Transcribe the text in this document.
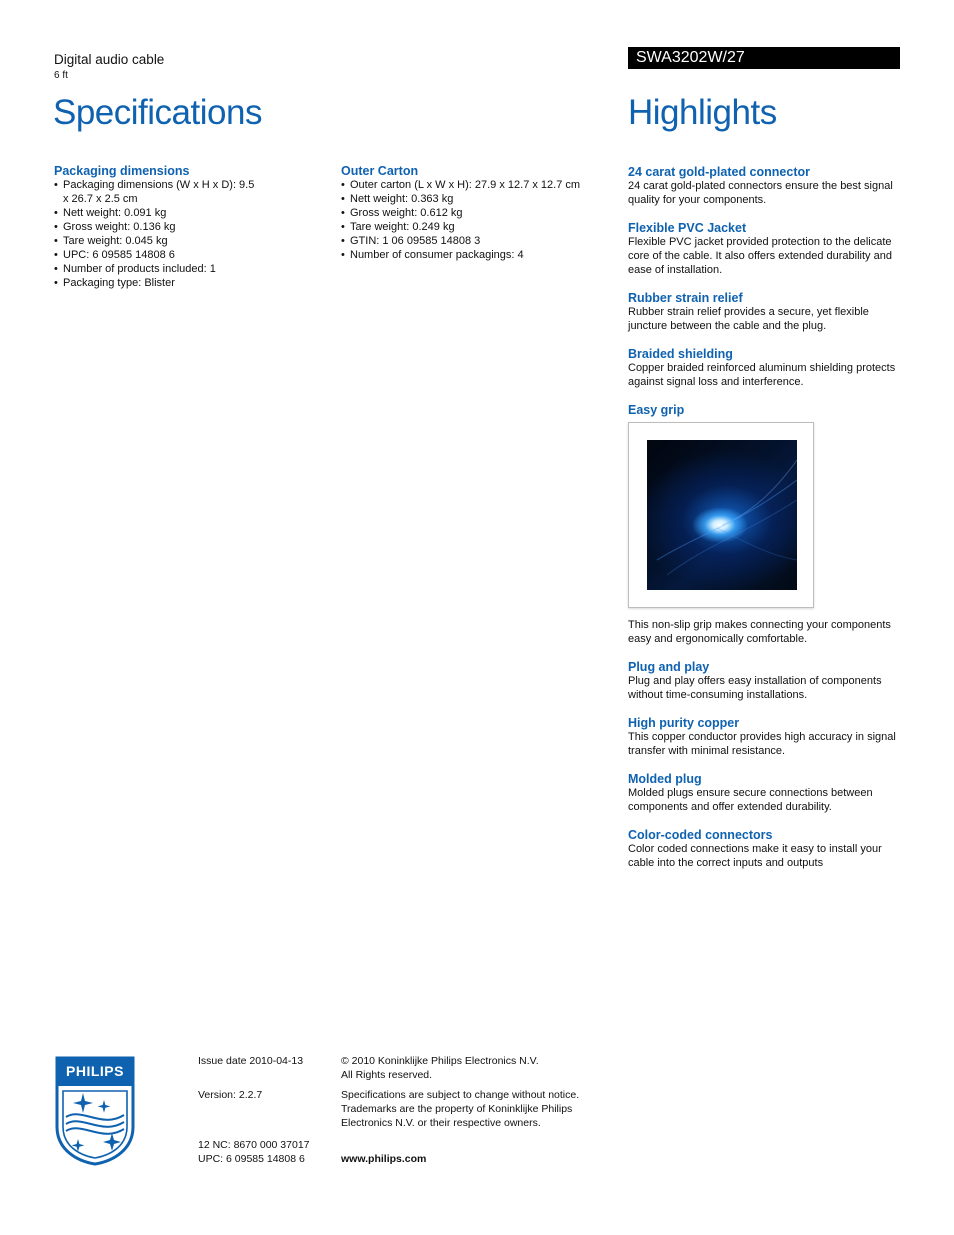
Digital audio cable
6 ft
SWA3202W/27
Specifications	Highlights
Packaging dimensions
• Packaging dimensions (W x H x D): 9.5 x 26.7 x 2.5 cm
• Nett weight: 0.091 kg
• Gross weight: 0.136 kg
• Tare weight: 0.045 kg
• UPC: 6 09585 14808 6
• Number of products included: 1
• Packaging type: Blister
Outer Carton
• Outer carton (L x W x H): 27.9 x 12.7 x 12.7 cm
• Nett weight: 0.363 kg
• Gross weight: 0.612 kg
• Tare weight: 0.249 kg
• GTIN: 1 06 09585 14808 3
• Number of consumer packagings: 4
24 carat gold-plated connector
24 carat gold-plated connectors ensure the best signal quality for your components.
Flexible PVC Jacket
Flexible PVC jacket provided protection to the delicate core of the cable. It also offers extended durability and ease of installation.
Rubber strain relief
Rubber strain relief provides a secure, yet flexible juncture between the cable and the plug.
Braided shielding
Copper braided reinforced aluminum shielding protects against signal loss and interference.
Easy grip
This non-slip grip makes connecting your components easy and ergonomically comfortable.
Plug and play
Plug and play offers easy installation of components without time-consuming installations.
High purity copper
This copper conductor provides high accuracy in signal transfer with minimal resistance.
Molded plug
Molded plugs ensure secure connections between components and offer extended durability.
Color-coded connectors
Color coded connections make it easy to install your cable into the correct inputs and outputs
PHILIPS
Issue date 2010-04-13
Version: 2.2.7
12 NC: 8670 000 37017
UPC: 6 09585 14808 6
© 2010 Koninklijke Philips Electronics N.V.
All Rights reserved.
Specifications are subject to change without notice.
Trademarks are the property of Koninklijke Philips
Electronics N.V. or their respective owners.
www.philips.com
